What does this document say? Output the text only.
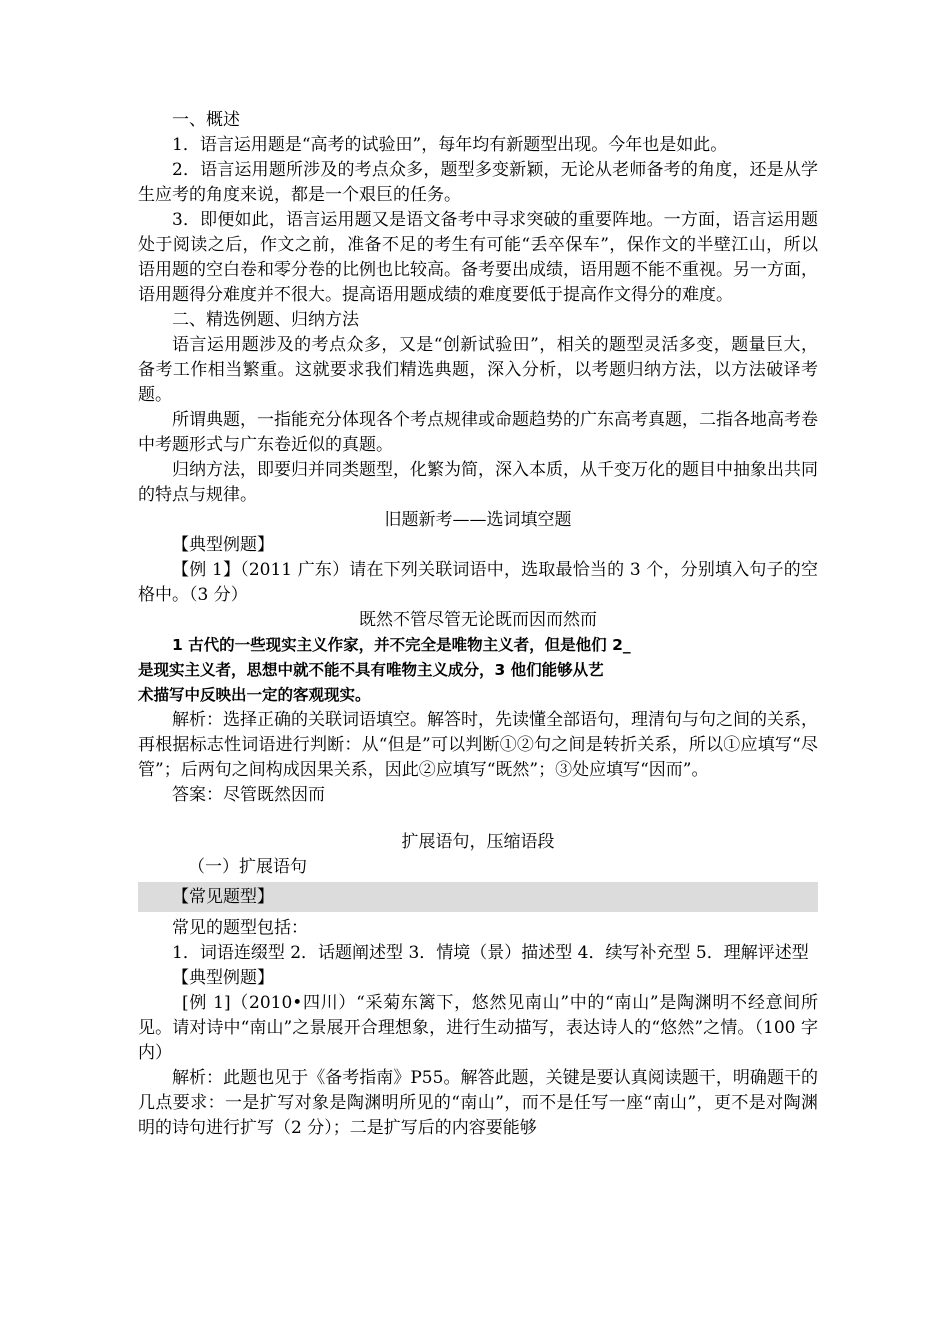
一、概述

1．语言运用题是“高考的试验田”，每年均有新题型出现。今年也是如此。

2．语言运用题所涉及的考点众多，题型多变新颖，无论从老师备考的角度，还是从学生应考的角度来说，都是一个艰巨的任务。

3．即便如此，语言运用题又是语文备考中寻求突破的重要阵地。一方面，语言运用题处于阅读之后，作文之前，准备不足的考生有可能“丢卒保车”，保作文的半壁江山，所以语用题的空白卷和零分卷的比例也比较高。备考要出成绩，语用题不能不重视。另一方面，语用题得分难度并不很大。提高语用题成绩的难度要低于提高作文得分的难度。

二、精选例题、归纳方法

语言运用题涉及的考点众多，又是“创新试验田”，相关的题型灵活多变，题量巨大，备考工作相当繁重。这就要求我们精选典题，深入分析，以考题归纳方法，以方法破译考题。

所谓典题，一指能充分体现各个考点规律或命题趋势的广东高考真题，二指各地高考卷中考题形式与广东卷近似的真题。

归纳方法，即要归并同类题型，化繁为简，深入本质，从千变万化的题目中抽象出共同的特点与规律。

旧题新考——选词填空题

【典型例题】

【例 1】（2011 广东）请在下列关联词语中，选取最恰当的 3 个，分别填入句子的空格中。（3 分）

既然不管尽管无论既而因而然而

1 古代的一些现实主义作家，并不完全是唯物主义者，但是他们 2_

是现实主义者，思想中就不能不具有唯物主义成分，3 他们能够从艺

术描写中反映出一定的客观现实。

解析：选择正确的关联词语填空。解答时，先读懂全部语句，理清句与句之间的关系，再根据标志性词语进行判断：从“但是”可以判断①②句之间是转折关系，所以①应填写“尽管”；后两句之间构成因果关系，因此②应填写“既然”；③处应填写“因而”。

答案：尽管既然因而

扩展语句，压缩语段

（一）扩展语句

【常见题型】

常见的题型包括：

1．词语连缀型 2．话题阐述型 3．情境（景）描述型 4．续写补充型 5．理解评述型

【典型例题】

[例 1]（2010•四川）“采菊东篱下，悠然见南山”中的“南山”是陶渊明不经意间所见。请对诗中“南山”之景展开合理想象，进行生动描写，表达诗人的“悠然”之情。（100 字内）

解析：此题也见于《备考指南》P55。解答此题，关键是要认真阅读题干，明确题干的几点要求：一是扩写对象是陶渊明所见的“南山”，而不是任写一座“南山”，更不是对陶渊明的诗句进行扩写（2 分）；二是扩写后的内容要能够
